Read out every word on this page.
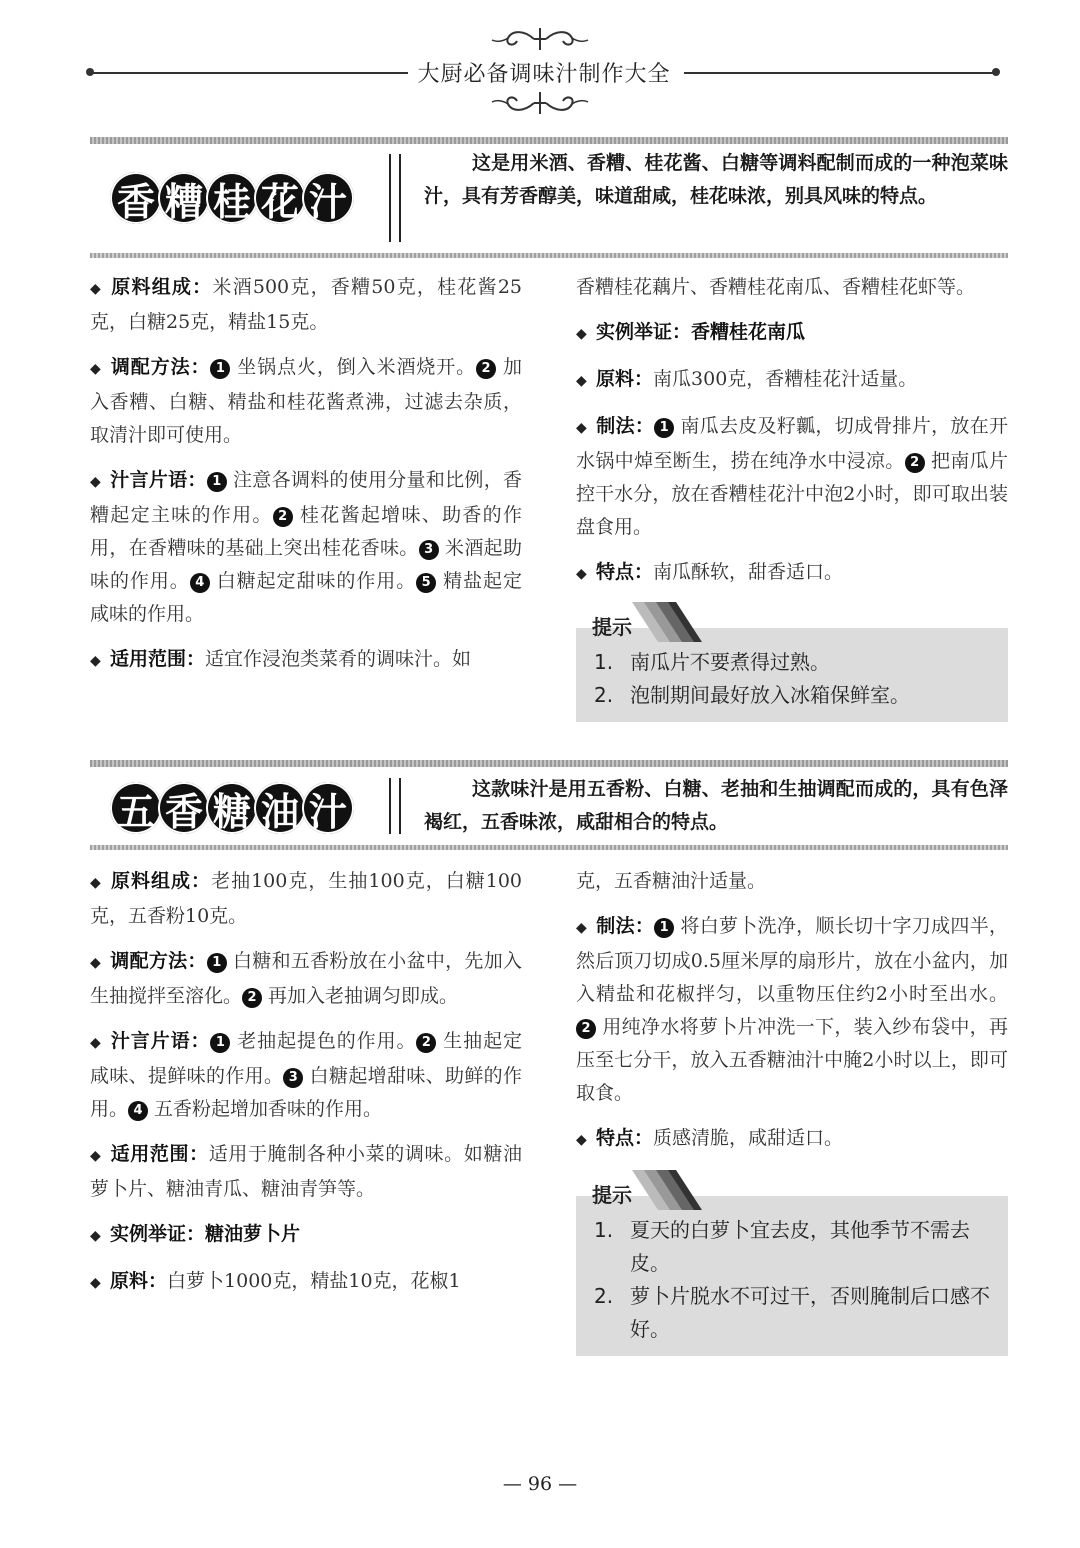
大厨必备调味汁制作大全
香 糟 桂 花 汁
这是用米酒、香糟、桂花酱、白糖等调料配制而成的一种泡菜味汁，具有芳香醇美，味道甜咸，桂花味浓，别具风味的特点。

◆ 原料组成：米酒500克，香糟50克，桂花酱25克，白糖25克，精盐15克。

◆ 调配方法： 1 坐锅点火，倒入米酒烧开。 2 加入香糟、白糖、精盐和桂花酱煮沸，过滤去杂质，取清汁即可使用。

◆ 汁言片语： 1 注意各调料的使用分量和比例，香糟起定主味的作用。 2 桂花酱起增味、助香的作用，在香糟味的基础上突出桂花香味。 3 米酒起助味的作用。 4 白糖起定甜味的作用。 5 精盐起定咸味的作用。

◆ 适用范围：适宜作浸泡类菜肴的调味汁。如

香糟桂花藕片、香糟桂花南瓜、香糟桂花虾等。

◆ 实例举证：香糟桂花南瓜

◆ 原料：南瓜300克，香糟桂花汁适量。

◆ 制法： 1 南瓜去皮及籽瓤，切成骨排片，放在开水锅中焯至断生，捞在纯净水中浸凉。 2 把南瓜片控干水分，放在香糟桂花汁中泡2小时，即可取出装盘食用。

◆ 特点：南瓜酥软，甜香适口。

提示
1. 南瓜片不要煮得过熟。
2. 泡制期间最好放入冰箱保鲜室。
五 香 糖 油 汁	这款味汁是用五香粉、白糖、老抽和生抽调配而成的，具有色泽褐红，五香味浓，咸甜相合的特点。

◆ 原料组成：老抽100克，生抽100克，白糖100克，五香粉10克。

◆ 调配方法： 1 白糖和五香粉放在小盆中，先加入生抽搅拌至溶化。 2 再加入老抽调匀即成。

◆ 汁言片语： 1 老抽起提色的作用。 2 生抽起定咸味、提鲜味的作用。 3 白糖起增甜味、助鲜的作用。 4 五香粉起增加香味的作用。

◆ 适用范围：适用于腌制各种小菜的调味。如糖油萝卜片、糖油青瓜、糖油青笋等。

◆ 实例举证：糖油萝卜片

◆ 原料：白萝卜1000克，精盐10克，花椒1

克，五香糖油汁适量。

◆ 制法： 1 将白萝卜洗净，顺长切十字刀成四半，然后顶刀切成0.5厘米厚的扇形片，放在小盆内，加入精盐和花椒拌匀，以重物压住约2小时至出水。2 用纯净水将萝卜片冲洗一下，装入纱布袋中，再压至七分干，放入五香糖油汁中腌2小时以上，即可取食。

◆ 特点：质感清脆，咸甜适口。

提示
1. 夏天的白萝卜宜去皮，其他季节不需去皮。
2. 萝卜片脱水不可过干，否则腌制后口感不好。
— 96 —
